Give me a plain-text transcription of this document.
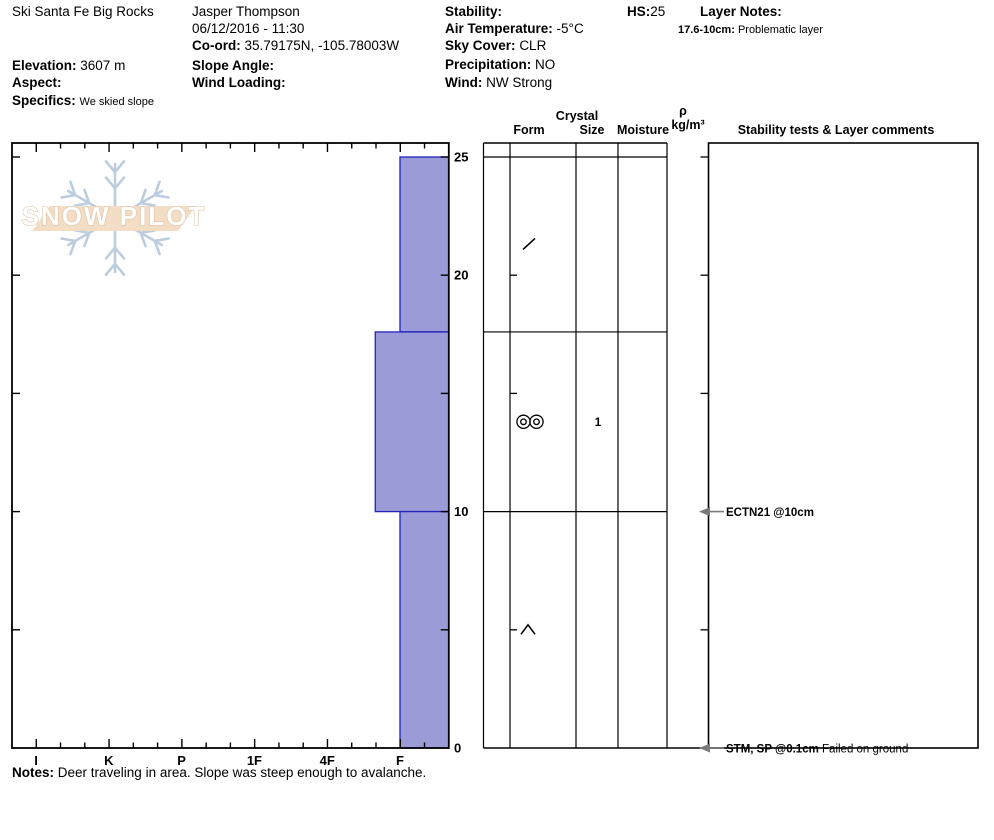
Ski Santa Fe Big Rocks
Elevation: 3607 m
Aspect:
Specifics: We skied slope
Jasper Thompson
06/12/2016 - 11:30
Co-ord: 35.79175N, -105.78003W
Slope Angle:
Wind Loading:
Stability:
Air Temperature: -5°C
Sky Cover: CLR
Precipitation: NO
Wind: NW Strong
HS:25	Layer Notes:
17.6-10cm: Problematic layer
Crystal
Form	Size Moisture
ρ
kg/m³	Stability tests & Layer comments
SNOW PILOT
25
20
10
0
I	K	P	1F	4F	F
1
ECTN21 @10cm
STM, SP @0.1cm Failed on ground
Notes: Deer traveling in area. Slope was steep enough to avalanche.
